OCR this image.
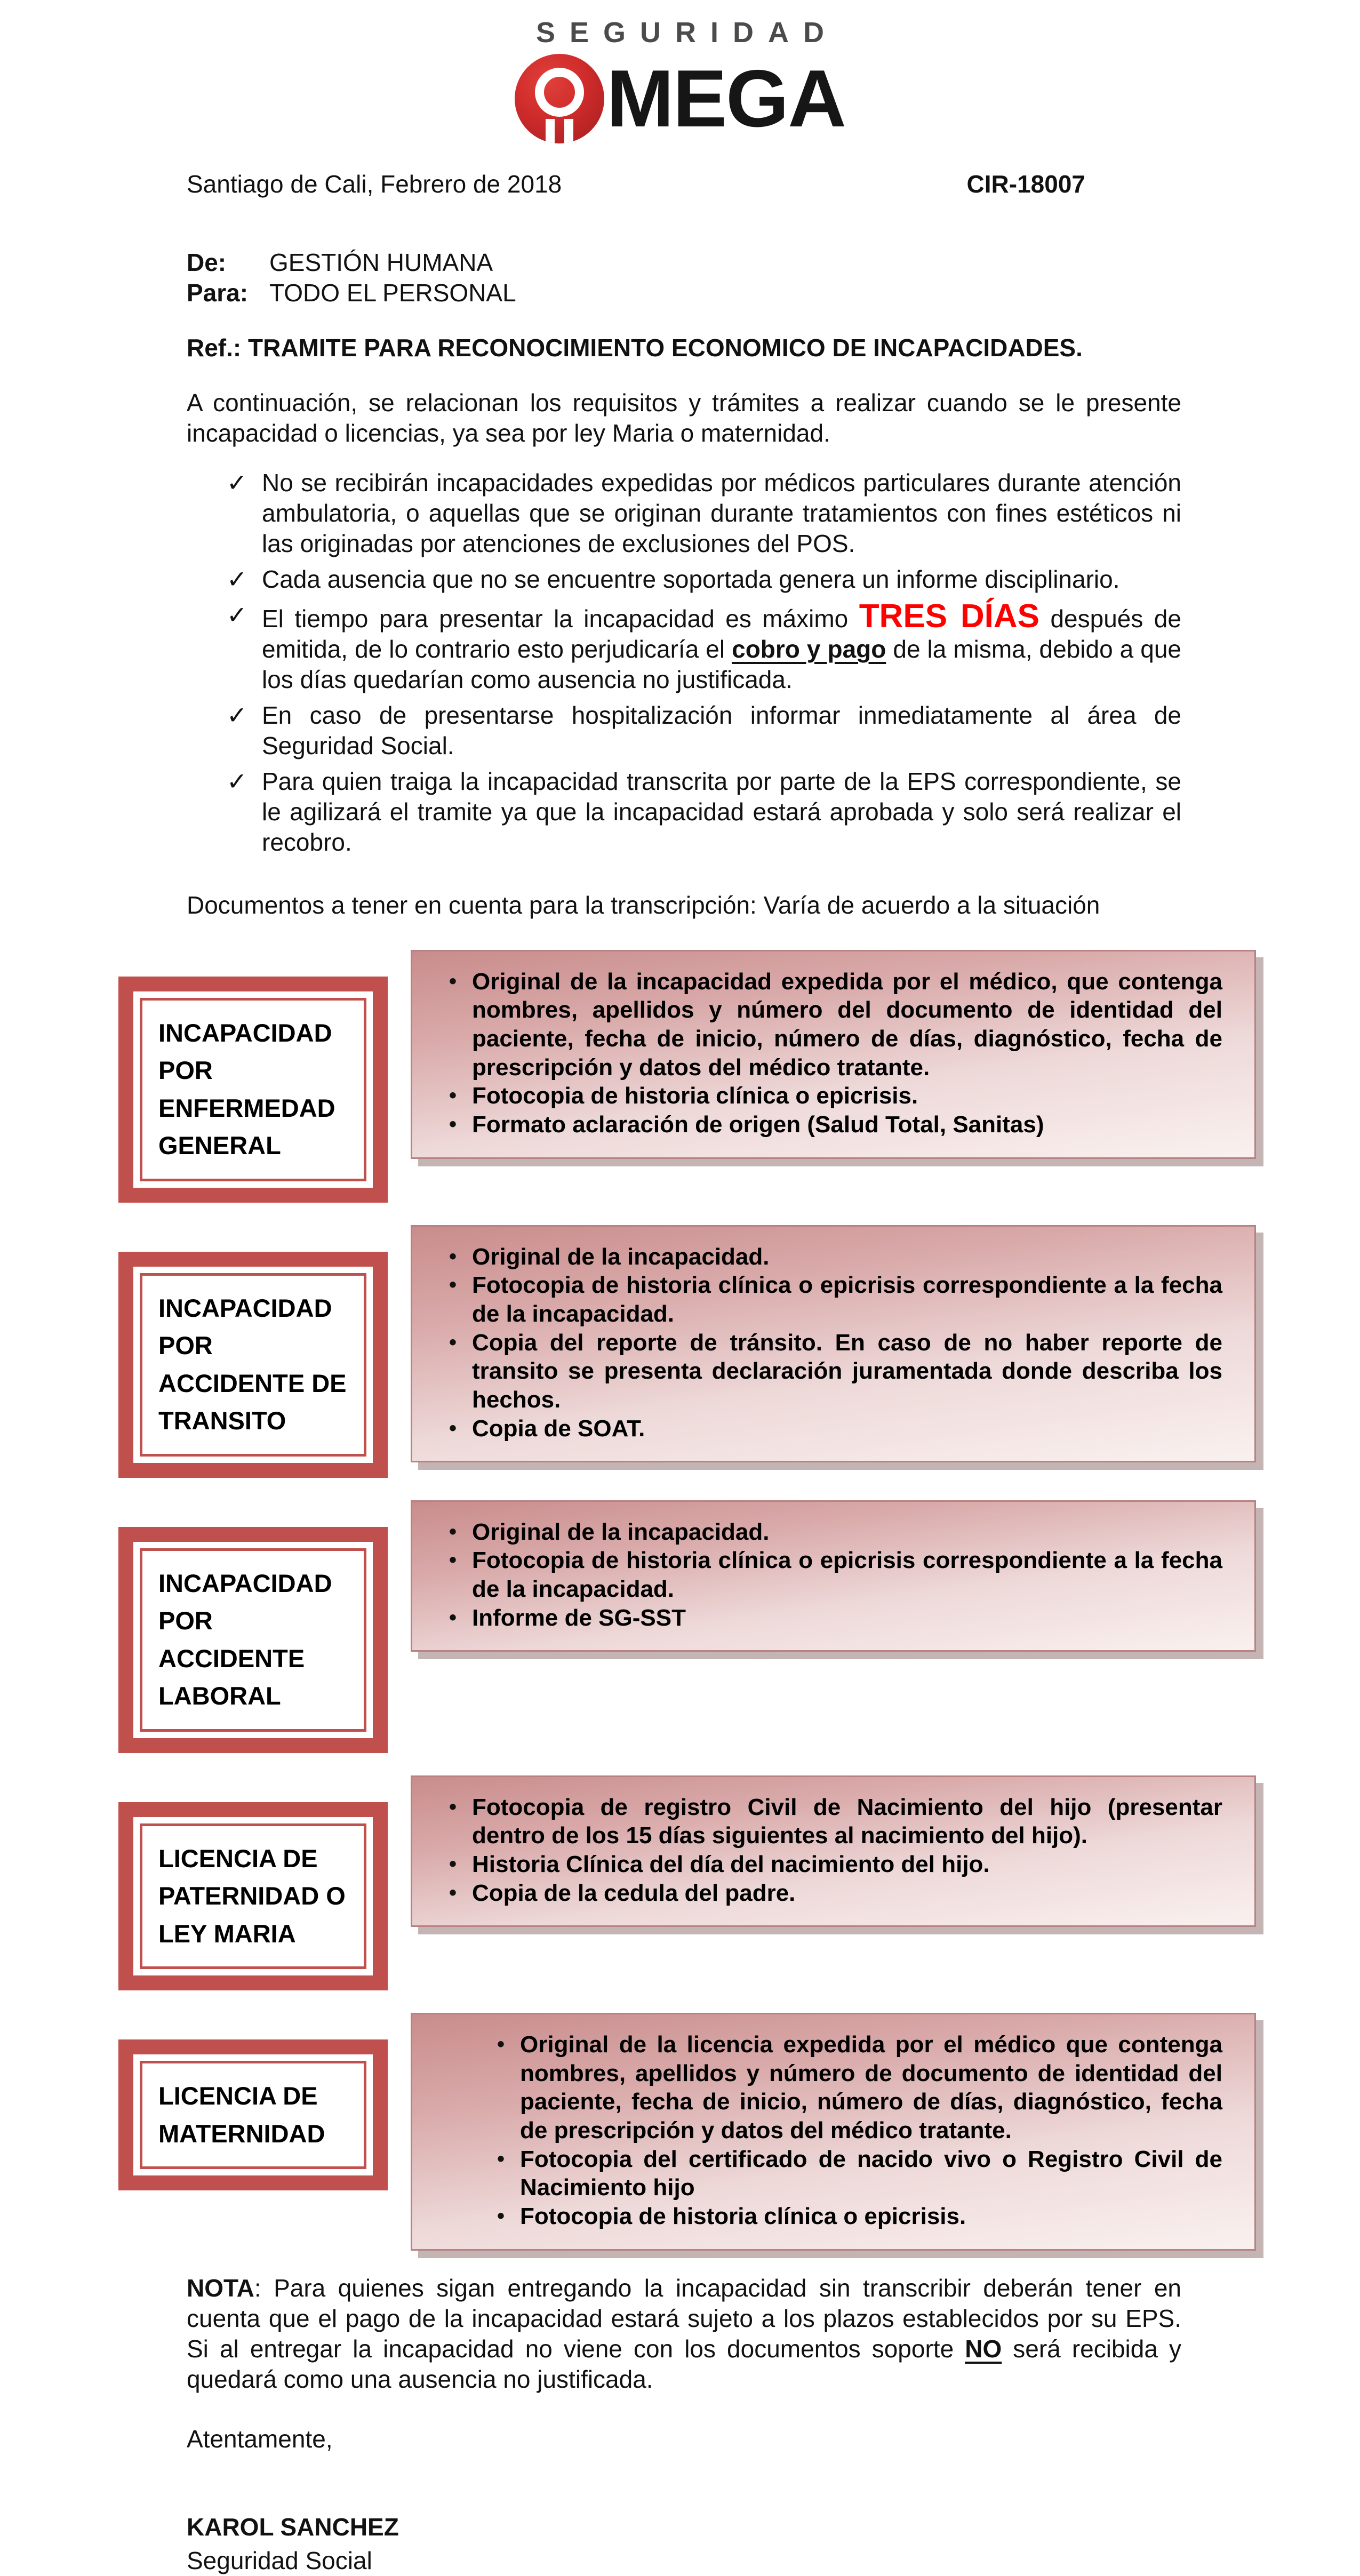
SEGURIDAD
MEGA
Santiago de Cali, Febrero de 2018	CIR-18007
De:	GESTIÓN HUMANA
Para: TODO EL PERSONAL
Ref.: TRAMITE PARA RECONOCIMIENTO ECONOMICO DE INCAPACIDADES.
A continuación, se relacionan los requisitos y trámites a realizar cuando se le presente incapacidad o licencias, ya sea por ley Maria o maternidad.
✓ No se recibirán incapacidades expedidas por médicos particulares durante atención ambulatoria, o aquellas que se originan durante tratamientos con fines estéticos ni las originadas por atenciones de exclusiones del POS.
✓ Cada ausencia que no se encuentre soportada genera un informe disciplinario.
✓ El tiempo para presentar la incapacidad es máximo TRES DÍAS después de emitida, de lo contrario esto perjudicaría el cobro y pago de la misma, debido a que los días quedarían como ausencia no justificada.
✓ En caso de presentarse hospitalización informar inmediatamente al área de Seguridad Social.
✓ Para quien traiga la incapacidad transcrita por parte de la EPS correspondiente, se le agilizará el tramite ya que la incapacidad estará aprobada y solo será realizar el recobro.
Documentos a tener en cuenta para la transcripción: Varía de acuerdo a la situación
INCAPACIDAD POR ENFERMEDAD GENERAL
• Original de la incapacidad expedida por el médico, que contenga nombres, apellidos y número del documento de identidad del paciente, fecha de inicio, número de días, diagnóstico, fecha de prescripción y datos del médico tratante.
• Fotocopia de historia clínica o epicrisis.
• Formato aclaración de origen (Salud Total, Sanitas)
INCAPACIDAD POR ACCIDENTE DE TRANSITO
• Original de la incapacidad.
• Fotocopia de historia clínica o epicrisis correspondiente a la fecha de la incapacidad.
• Copia del reporte de tránsito. En caso de no haber reporte de transito se presenta declaración juramentada donde describa los hechos.
• Copia de SOAT.
INCAPACIDAD POR ACCIDENTE LABORAL
• Original de la incapacidad.
• Fotocopia de historia clínica o epicrisis correspondiente a la fecha de la incapacidad.
• Informe de SG-SST
LICENCIA DE PATERNIDAD O LEY MARIA
• Fotocopia de registro Civil de Nacimiento del hijo (presentar dentro de los 15 días siguientes al nacimiento del hijo).
• Historia Clínica del día del nacimiento del hijo.
• Copia de la cedula del padre.
LICENCIA DE MATERNIDAD
• Original de la licencia expedida por el médico que contenga nombres, apellidos y número de documento de identidad del paciente, fecha de inicio, número de días, diagnóstico, fecha de prescripción y datos del médico tratante.
• Fotocopia del certificado de nacido vivo o Registro Civil de Nacimiento hijo
• Fotocopia de historia clínica o epicrisis.
NOTA: Para quienes sigan entregando la incapacidad sin transcribir deberán tener en cuenta que el pago de la incapacidad estará sujeto a los plazos establecidos por su EPS. Si al entregar la incapacidad no viene con los documentos soporte NO será recibida y quedará como una ausencia no justificada.
Atentamente,
KAROL SANCHEZ
Seguridad Social
